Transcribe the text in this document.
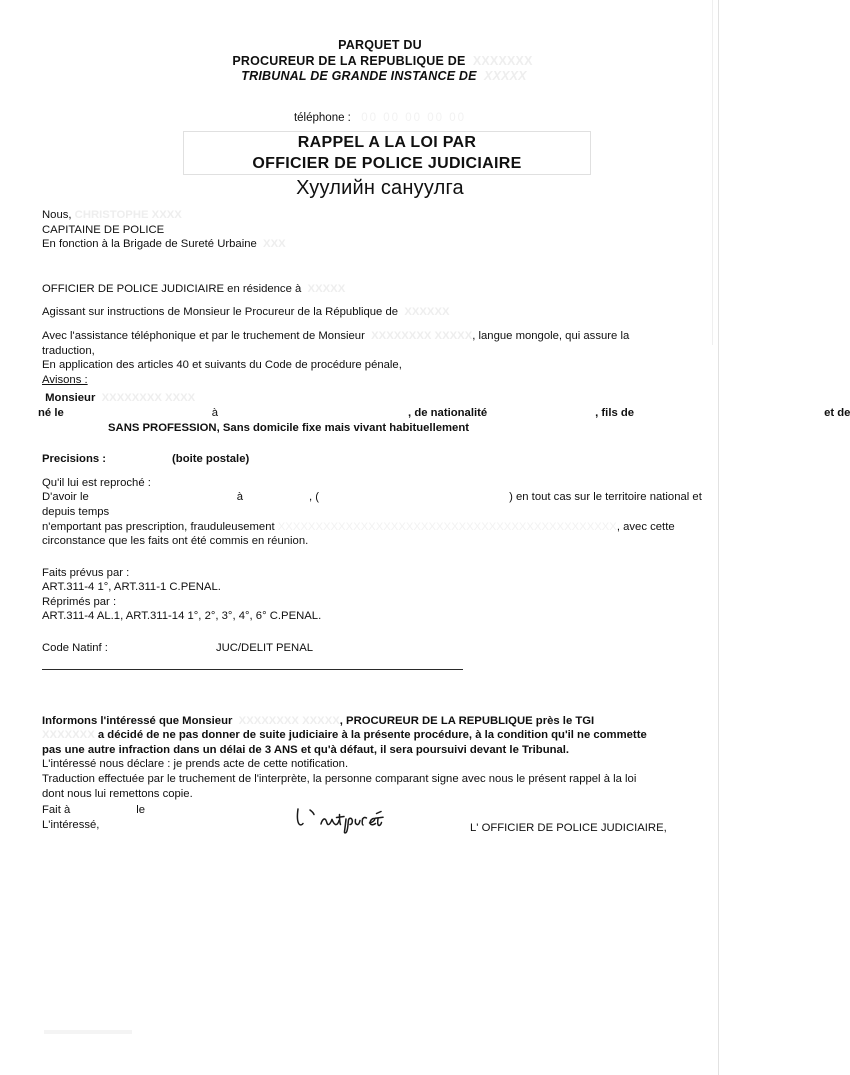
PARQUET DU
PROCUREUR DE LA REPUBLIQUE DE  XXXXXXX
TRIBUNAL DE GRANDE INSTANCE DE  XXXXX
téléphone :  00 00 00 00 00
RAPPEL A LA LOI PAR
OFFICIER DE POLICE JUDICIAIRE
Хуулийн сануулга
Nous, CHRISTOPHE XXXX
CAPITAINE DE POLICE
En fonction à la Brigade de Sureté Urbaine  XXX
OFFICIER DE POLICE JUDICIAIRE en résidence à  XXXXX
Agissant sur instructions de Monsieur le Procureur de la République de  XXXXXX
Avec l'assistance téléphonique et par le truchement de Monsieur  XXXXXXXX XXXXX, langue mongole, qui assure la
traduction,
En application des articles 40 et suivants du Code de procédure pénale,
Avisons :
Monsieur  XXXXXXXX XXXX
né le	à	, de nationalité	, fils de	et de
SANS PROFESSION, Sans domicile fixe mais vivant habituellement
Precisions :	(boite postale)
Qu'il lui est reproché :
D'avoir le	à	, (	) en tout cas sur le territoire national et depuis temps
n'emportant pas prescription, frauduleusement XXXXXXXXXXXXXXXXXXXXXXXXXXXXXXXXXXXXXXXXXXXXX, avec cette
circonstance que les faits ont été commis en réunion.
Faits prévus par :
ART.311-4 1°, ART.311-1 C.PENAL.
Réprimés par :
ART.311-4 AL.1, ART.311-14 1°, 2°, 3°, 4°, 6° C.PENAL.
Code Natinf :	JUC/DELIT PENAL
Informons l'intéressé que Monsieur  XXXXXXXX XXXXX, PROCUREUR DE LA REPUBLIQUE près le TGI
XXXXXXX a décidé de ne pas donner de suite judiciaire à la présente procédure, à la condition qu'il ne commette
pas une autre infraction dans un délai de 3 ANS et qu'à défaut, il sera poursuivi devant le Tribunal.
L'intéressé nous déclare : je prends acte de cette notification.
Traduction effectuée par le truchement de l'interprète, la personne comparant signe avec nous le présent rappel à la loi
dont nous lui remettons copie.
Fait à	le
L'intéressé,	L' OFFICIER DE POLICE JUDICIAIRE,
